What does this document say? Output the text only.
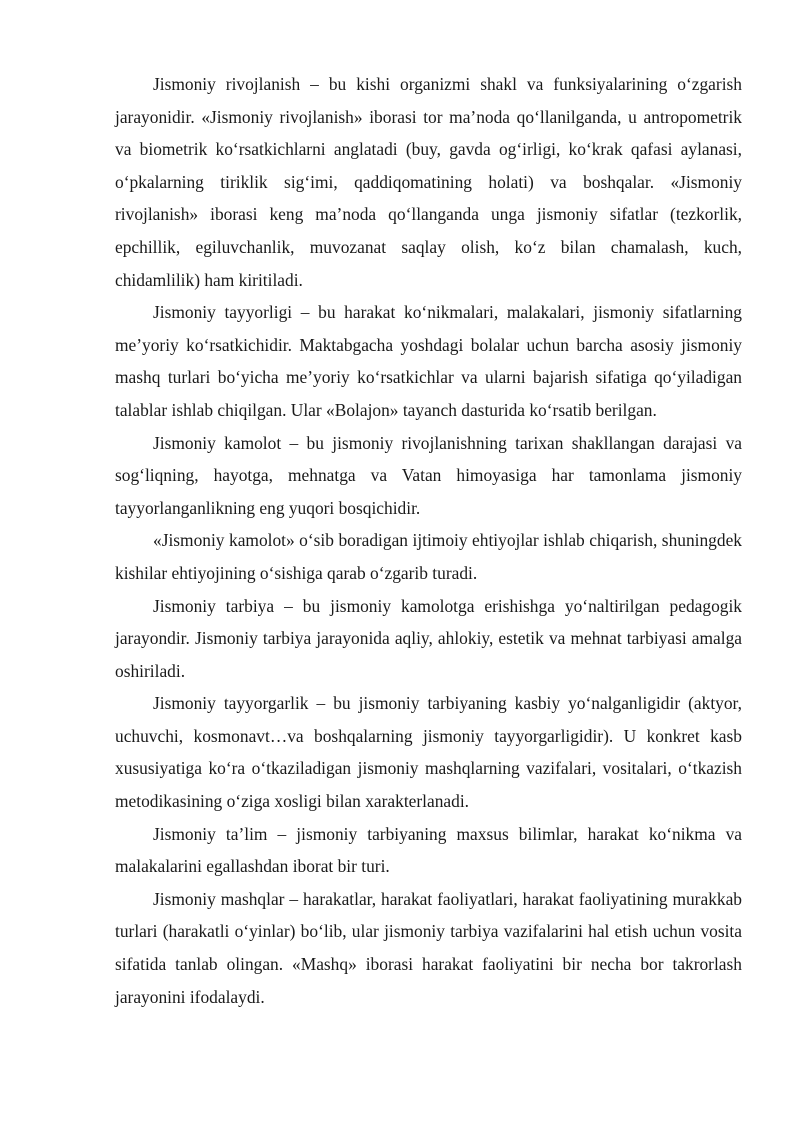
Jismoniy rivojlanish – bu kishi organizmi shakl va funksiyalarining o‘zgarish jarayonidir. «Jismoniy rivojlanish» iborasi tor ma’noda qo‘llanilganda, u antropometrik va biometrik ko‘rsatkichlarni anglatadi (buy, gavda og‘irligi, ko‘krak qafasi aylanasi, o‘pkalarning tiriklik sig‘imi, qaddiqomatining holati) va boshqalar. «Jismoniy rivojlanish» iborasi keng ma’noda qo‘llanganda unga jismoniy sifatlar (tezkorlik, epchillik, egiluvchanlik, muvozanat saqlay olish, ko‘z bilan chamalash, kuch, chidamlilik) ham kiritiladi.

Jismoniy tayyorligi – bu harakat ko‘nikmalari, malakalari, jismoniy sifatlarning me’yoriy ko‘rsatkichidir. Maktabgacha yoshdagi bolalar uchun barcha asosiy jismoniy mashq turlari bo‘yicha me’yoriy ko‘rsatkichlar va ularni bajarish sifatiga qo‘yiladigan talablar ishlab chiqilgan. Ular «Bolajon» tayanch dasturida ko‘rsatib berilgan.

Jismoniy kamolot – bu jismoniy rivojlanishning tarixan shakllangan darajasi va sog‘liqning, hayotga, mehnatga va Vatan himoyasiga har tamonlama jismoniy tayyorlanganlikning eng yuqori bosqichidir.

«Jismoniy kamolot» o‘sib boradigan ijtimoiy ehtiyojlar ishlab chiqarish, shuningdek kishilar ehtiyojining o‘sishiga qarab o‘zgarib turadi.

Jismoniy tarbiya – bu jismoniy kamolotga erishishga yo‘naltirilgan pedagogik jarayondir. Jismoniy tarbiya jarayonida aqliy, ahlokiy, estetik va mehnat tarbiyasi amalga oshiriladi.

Jismoniy tayyorgarlik – bu jismoniy tarbiyaning kasbiy yo‘nalganligidir (aktyor, uchuvchi, kosmonavt…va boshqalarning jismoniy tayyorgarligidir). U konkret kasb xususiyatiga ko‘ra o‘tkaziladigan jismoniy mashqlarning vazifalari, vositalari, o‘tkazish metodikasining o‘ziga xosligi bilan xarakterlanadi.

Jismoniy ta’lim – jismoniy tarbiyaning maxsus bilimlar, harakat ko‘nikma va malakalarini egallashdan iborat bir turi.

Jismoniy mashqlar – harakatlar, harakat faoliyatlari, harakat faoliyatining murakkab turlari (harakatli o‘yinlar) bo‘lib, ular jismoniy tarbiya vazifalarini hal etish uchun vosita sifatida tanlab olingan. «Mashq» iborasi harakat faoliyatini bir necha bor takrorlash jarayonini ifodalaydi.
